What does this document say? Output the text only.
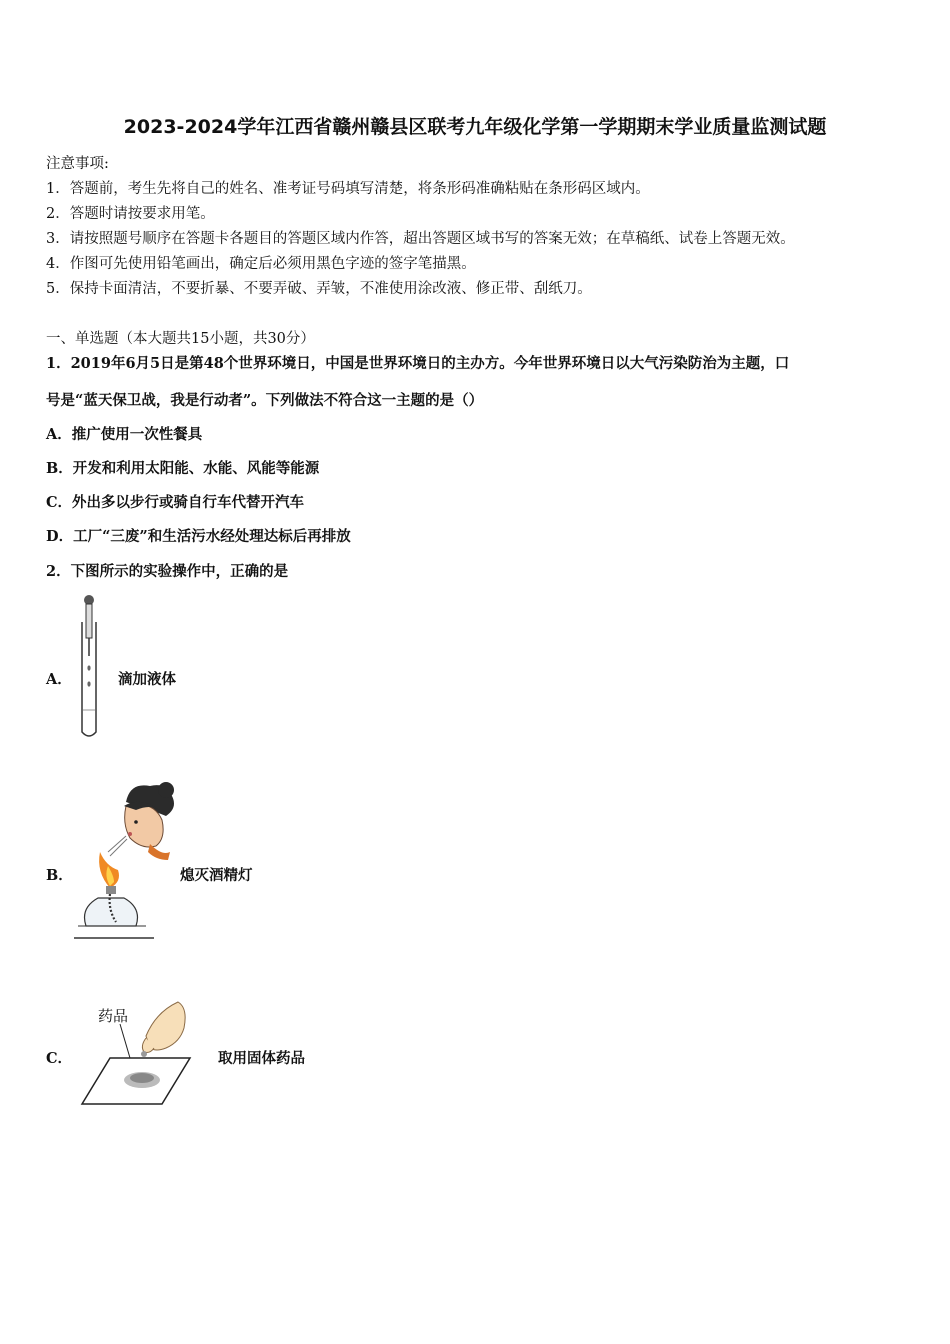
2023-2024学年江西省赣州赣县区联考九年级化学第一学期期末学业质量监测试题
注意事项:
1．答题前，考生先将自己的姓名、准考证号码填写清楚，将条形码准确粘贴在条形码区域内。
2．答题时请按要求用笔。
3．请按照题号顺序在答题卡各题目的答题区域内作答，超出答题区域书写的答案无效；在草稿纸、试卷上答题无效。
4．作图可先使用铅笔画出，确定后必须用黑色字迹的签字笔描黑。
5．保持卡面清洁，不要折暴、不要弄破、弄皱，不准使用涂改液、修正带、刮纸刀。
一、单选题（本大题共15小题，共30分）
1．2019年6月5日是第48个世界环境日，中国是世界环境日的主办方。今年世界环境日以大气污染防治为主题，口
号是“蓝天保卫战，我是行动者”。下列做法不符合这一主题的是（）
A．推广使用一次性餐具
B．开发和利用太阳能、水能、风能等能源
C．外出多以步行或骑自行车代替开汽车
D．工厂“三废”和生活污水经处理达标后再排放
2．下图所示的实验操作中，正确的是
A．	滴加液体
B．	熄灭酒精灯
C．
药品
取用固体药品
